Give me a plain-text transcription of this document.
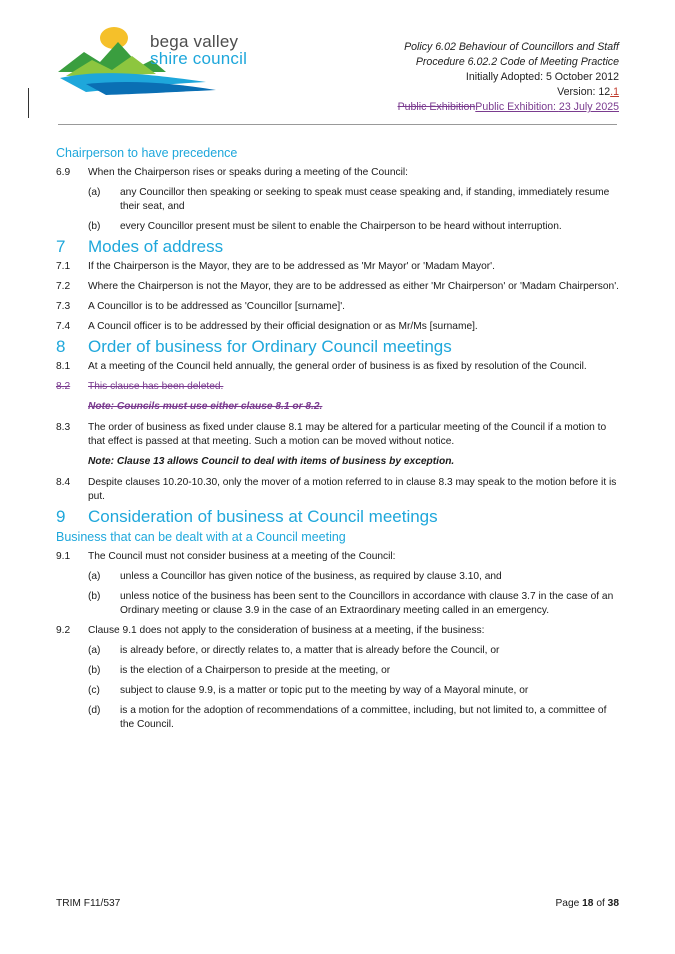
bega valley
shire council
Policy 6.02 Behaviour of Councillors and Staff
Procedure 6.02.2 Code of Meeting Practice
Initially Adopted: 5 October 2012
Version: 12.1
Public ExhibitionPublic Exhibition: 23 July 2025
Chairperson to have precedence
6.9	When the Chairperson rises or speaks during a meeting of the Council:
(a)	any Councillor then speaking or seeking to speak must cease speaking and, if standing, immediately resume their seat, and
(b)	every Councillor present must be silent to enable the Chairperson to be heard without interruption.
7	Modes of address
7.1	If the Chairperson is the Mayor, they are to be addressed as 'Mr Mayor' or 'Madam Mayor'.
7.2	Where the Chairperson is not the Mayor, they are to be addressed as either 'Mr Chairperson' or 'Madam Chairperson'.
7.3	A Councillor is to be addressed as 'Councillor [surname]'.
7.4	A Council officer is to be addressed by their official designation or as Mr/Ms [surname].
8	Order of business for Ordinary Council meetings
8.1	At a meeting of the Council held annually, the general order of business is as fixed by resolution of the Council.
8.2	This clause has been deleted.
Note: Councils must use either clause 8.1 or 8.2.
8.3	The order of business as fixed under clause 8.1 may be altered for a particular meeting of the Council if a motion to that effect is passed at that meeting. Such a motion can be moved without notice.
Note: Clause 13 allows Council to deal with items of business by exception.
8.4	Despite clauses 10.20-10.30, only the mover of a motion referred to in clause 8.3 may speak to the motion before it is put.
9	Consideration of business at Council meetings
Business that can be dealt with at a Council meeting
9.1	The Council must not consider business at a meeting of the Council:
(a)	unless a Councillor has given notice of the business, as required by clause 3.10, and
(b)	unless notice of the business has been sent to the Councillors in accordance with clause 3.7 in the case of an Ordinary meeting or clause 3.9 in the case of an Extraordinary meeting called in an emergency.
9.2	Clause 9.1 does not apply to the consideration of business at a meeting, if the business:
(a)	is already before, or directly relates to, a matter that is already before the Council, or
(b)	is the election of a Chairperson to preside at the meeting, or
(c)	subject to clause 9.9, is a matter or topic put to the meeting by way of a Mayoral minute, or
(d)	is a motion for the adoption of recommendations of a committee, including, but not limited to, a committee of the Council.
TRIM F11/537	Page 18 of 38
